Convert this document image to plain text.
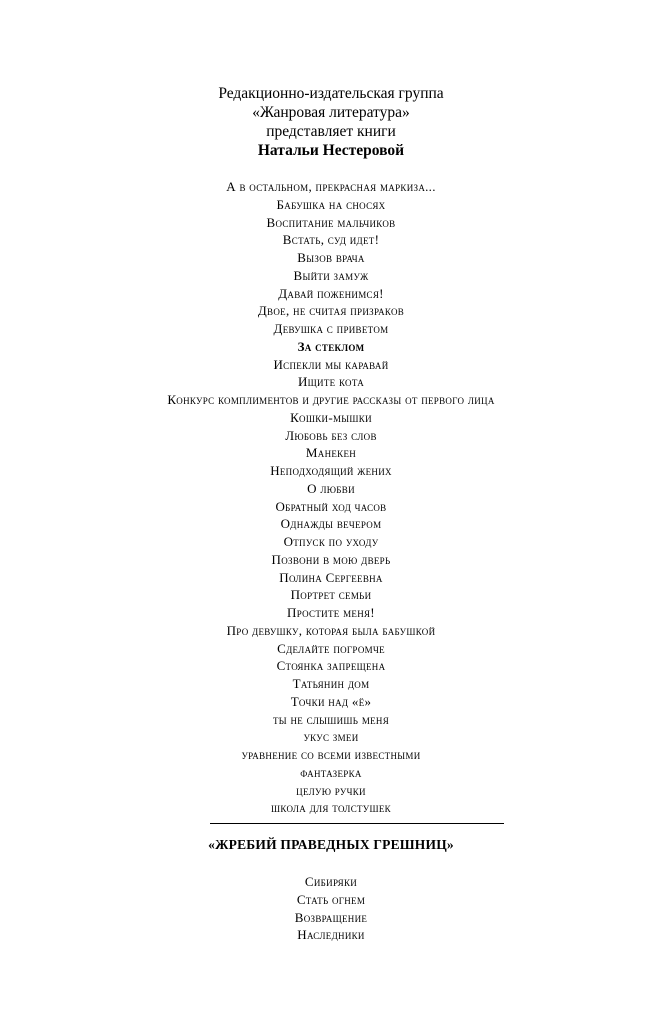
Редакционно-издательская группа
«Жанровая литература»
представляет книги
Натальи Нестеровой
А в остальном, прекрасная маркиза...
Бабушка на сносях
Воспитание мальчиков
Встать, суд идет!
Вызов врача
Выйти замуж
Давай поженимся!
Двое, не считая призраков
Девушка с приветом
За стеклом
Испекли мы каравай
Ищите кота
Конкурс комплиментов и другие рассказы от первого лица
Кошки-мышки
Любовь без слов
Манекен
Неподходящий жених
О любви
Обратный ход часов
Однажды вечером
Отпуск по уходу
Позвони в мою дверь
Полина Сергеевна
Портрет семьи
Простите меня!
Про девушку, которая была бабушкой
Сделайте погромче
Стоянка запрещена
Татьянин дом
Точки над «ё»
ты не слышишь меня
укус змеи
уравнение со всеми известными
фантазерка
целую ручки
школа для толстушек
«ЖРЕБИЙ ПРАВЕДНЫХ ГРЕШНИЦ»
Сибиряки
Стать огнем
Возвращение
Наследники
